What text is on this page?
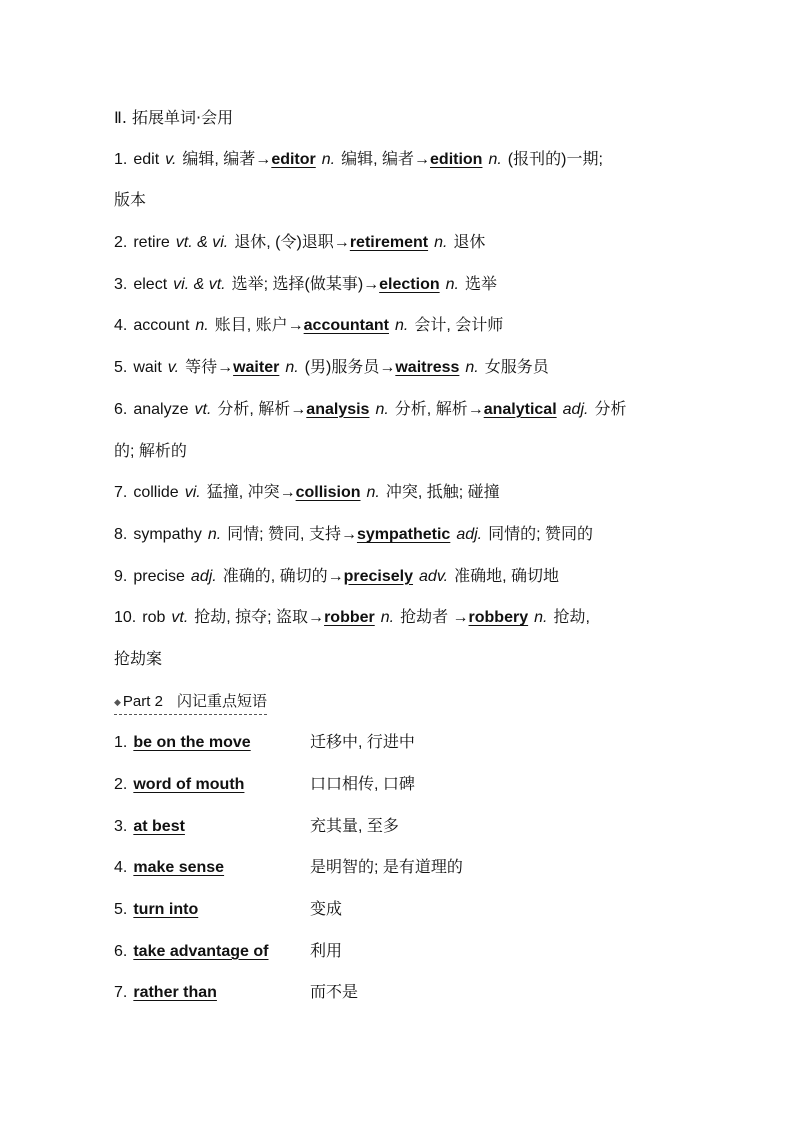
Ⅱ. 拓展单词·会用
1. edit v. 编辑, 编著→editor n. 编辑, 编者→edition n. (报刊的)一期;
版本
2. retire vt. & vi. 退休, (令)退职→retirement n. 退休
3. elect vi. & vt. 选举; 选择(做某事)→election n. 选举
4. account n. 账目, 账户→accountant n. 会计, 会计师
5. wait v. 等待→waiter n. (男)服务员→waitress n. 女服务员
6. analyze vt. 分析, 解析→analysis n. 分析, 解析→analytical adj. 分析
的; 解析的
7. collide vi. 猛撞, 冲突→collision n. 冲突, 抵触; 碰撞
8. sympathy n. 同情; 赞同, 支持→sympathetic adj. 同情的; 赞同的
9. precise adj. 准确的, 确切的→precisely adv. 准确地, 确切地
10. rob vt. 抢劫, 掠夺; 盗取→robber n. 抢劫者 →robbery n. 抢劫,
抢劫案
◆ Part 2 闪记重点短语
1. be on the move	迁移中, 行进中
2. word of mouth	口口相传, 口碑
3. at best	充其量, 至多
4. make sense	是明智的; 是有道理的
5. turn into	变成
6. take advantage of	利用
7. rather than	而不是
